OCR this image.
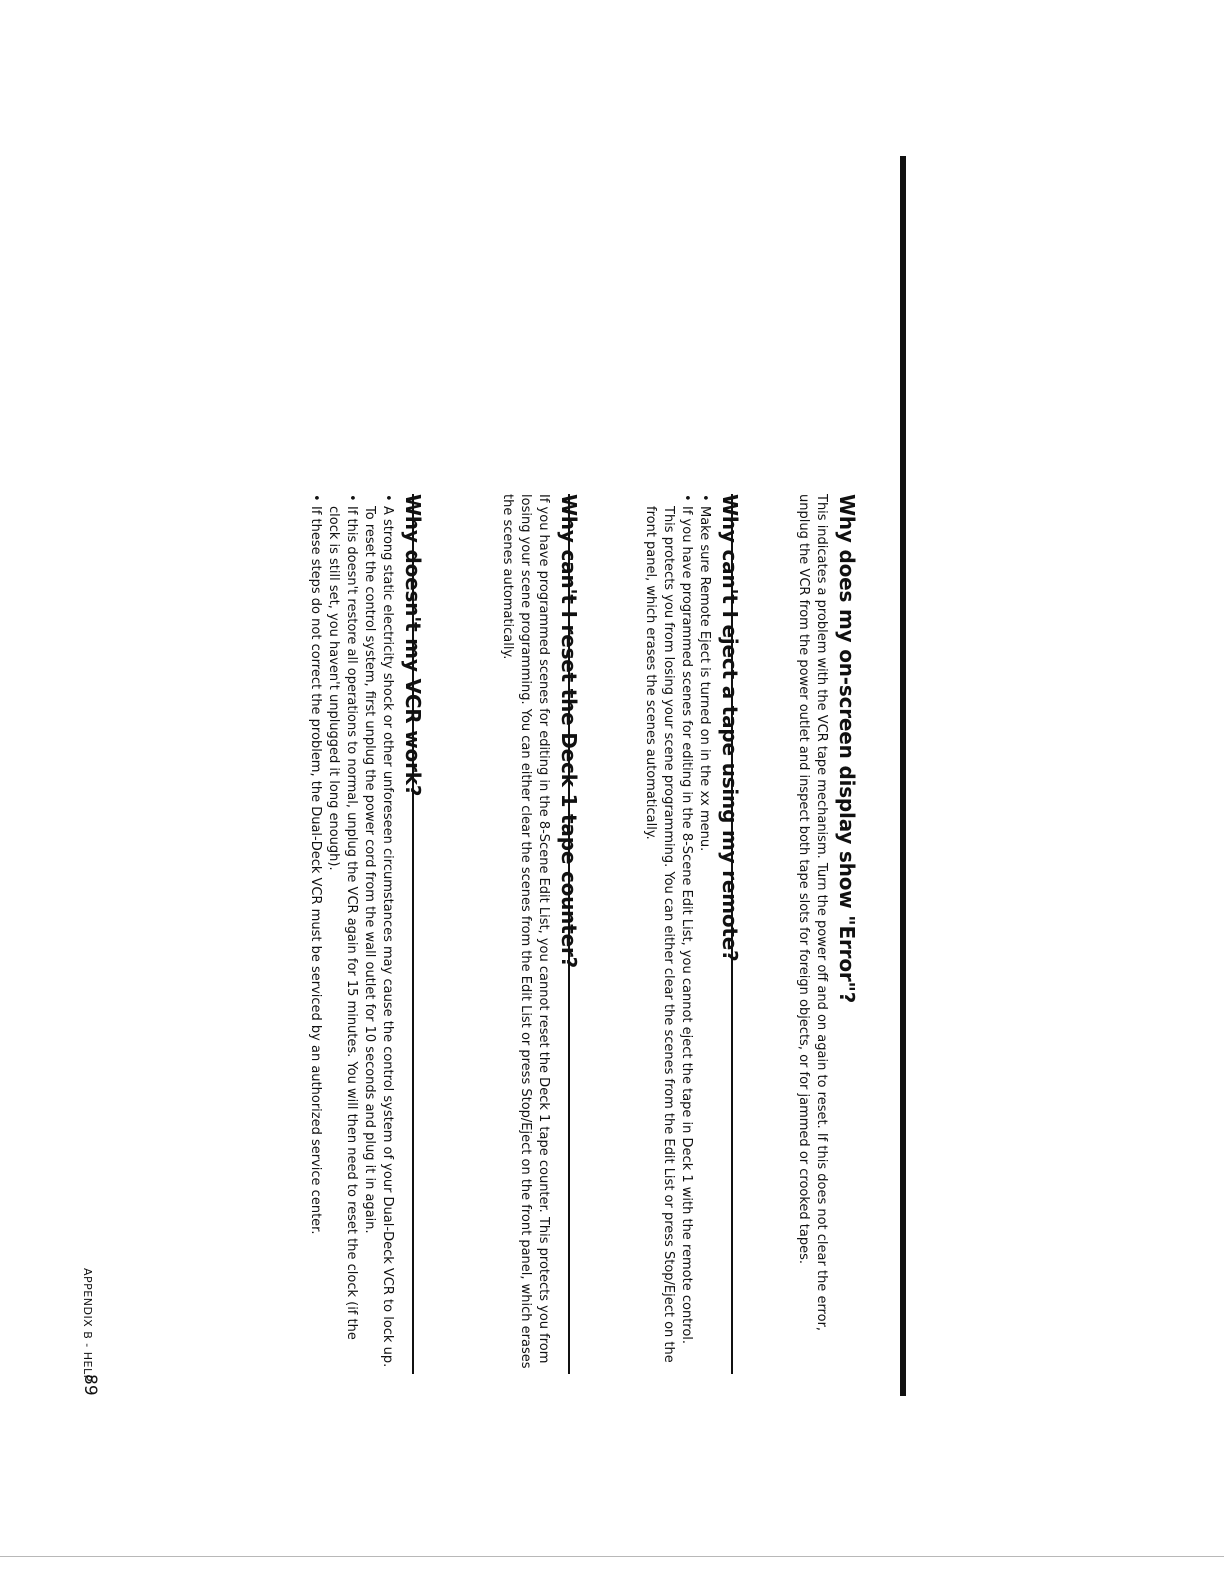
Why does my on-screen display show "Error"?

This indicates a problem with the VCR tape mechanism. Turn the power off and on again to reset. If this does not clear the error, unplug the VCR from the power outlet and inspect both tape slots for foreign objects, or for jammed or crooked tapes.

Why can't I eject a tape using my remote?
• Make sure Remote Eject is turned on in the xx menu.
• If you have programmed scenes for editing in the 8-Scene Edit List, you cannot eject the tape in Deck 1 with the remote control. This protects you from losing your scene programming. You can either clear the scenes from the Edit List or press Stop/Eject on the front panel, which erases the scenes automatically.
Why can't I reset the Deck 1 tape counter?

If you have programmed scenes for editing in the 8-Scene Edit List, you cannot reset the Deck 1 tape counter. This protects you from losing your scene programming. You can either clear the scenes from the Edit List or press Stop/Eject on the front panel, which erases the scenes automatically.

Why doesn't my VCR work?
• A strong static electricity shock or other unforeseen circumstances may cause the control system of your Dual-Deck VCR to lock up. To reset the control system, first unplug the power cord from the wall outlet for 10 seconds and plug it in again.
• If this doesn't restore all operations to normal, unplug the VCR again for 15 minutes. You will then need to reset the clock (if the clock is still set, you haven't unplugged it long enough).
• If these steps do not correct the problem, the Dual-Deck VCR must be serviced by an authorized service center.
APPENDIX B - HELP
89
